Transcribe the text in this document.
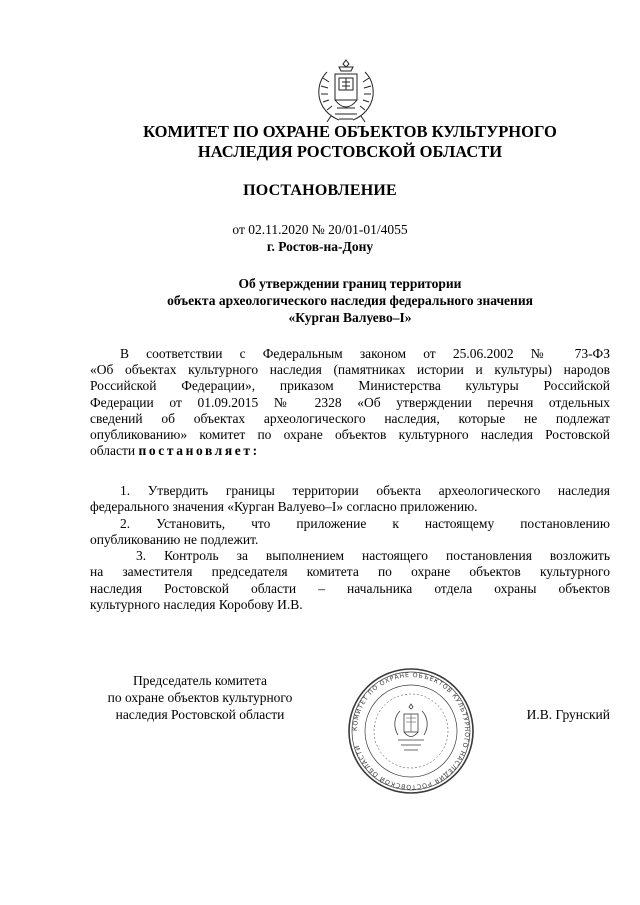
КОМИТЕТ ПО ОХРАНЕ ОБЪЕКТОВ КУЛЬТУРНОГО
НАСЛЕДИЯ РОСТОВСКОЙ ОБЛАСТИ
ПОСТАНОВЛЕНИЕ
от 02.11.2020 № 20/01-01/4055
г. Ростов-на-Дону
Об утверждении границ территории
объекта археологического наследия федерального значения
«Курган Валуево–I»
В соответствии с Федеральным законом от 25.06.2002 № 73-ФЗ
«Об объектах культурного наследия (памятниках истории и культуры) народов
Российской Федерации», приказом Министерства культуры Российской
Федерации от 01.09.2015 № 2328 «Об утверждении перечня отдельных
сведений об объектах археологического наследия, которые не подлежат
опубликованию» комитет по охране объектов культурного наследия Ростовской
области постановляет:
1. Утвердить границы территории объекта археологического наследия
федерального значения «Курган Валуево–I» согласно приложению.
2. Установить, что приложение к настоящему постановлению
опубликованию не подлежит.
3. Контроль за выполнением настоящего постановления возложить
на заместителя председателя комитета по охране объектов культурного
наследия Ростовской области – начальника отдела охраны объектов
культурного наследия Коробову И.В.
Председатель комитета
по охране объектов культурного
наследия Ростовской области
КОМИТЕТ ПО ОХРАНЕ ОБЪЕКТОВ КУЛЬТУРНОГО НАСЛЕДИЯ РОСТОВСКОЙ ОБЛАСТИ
И.В. Грунский
